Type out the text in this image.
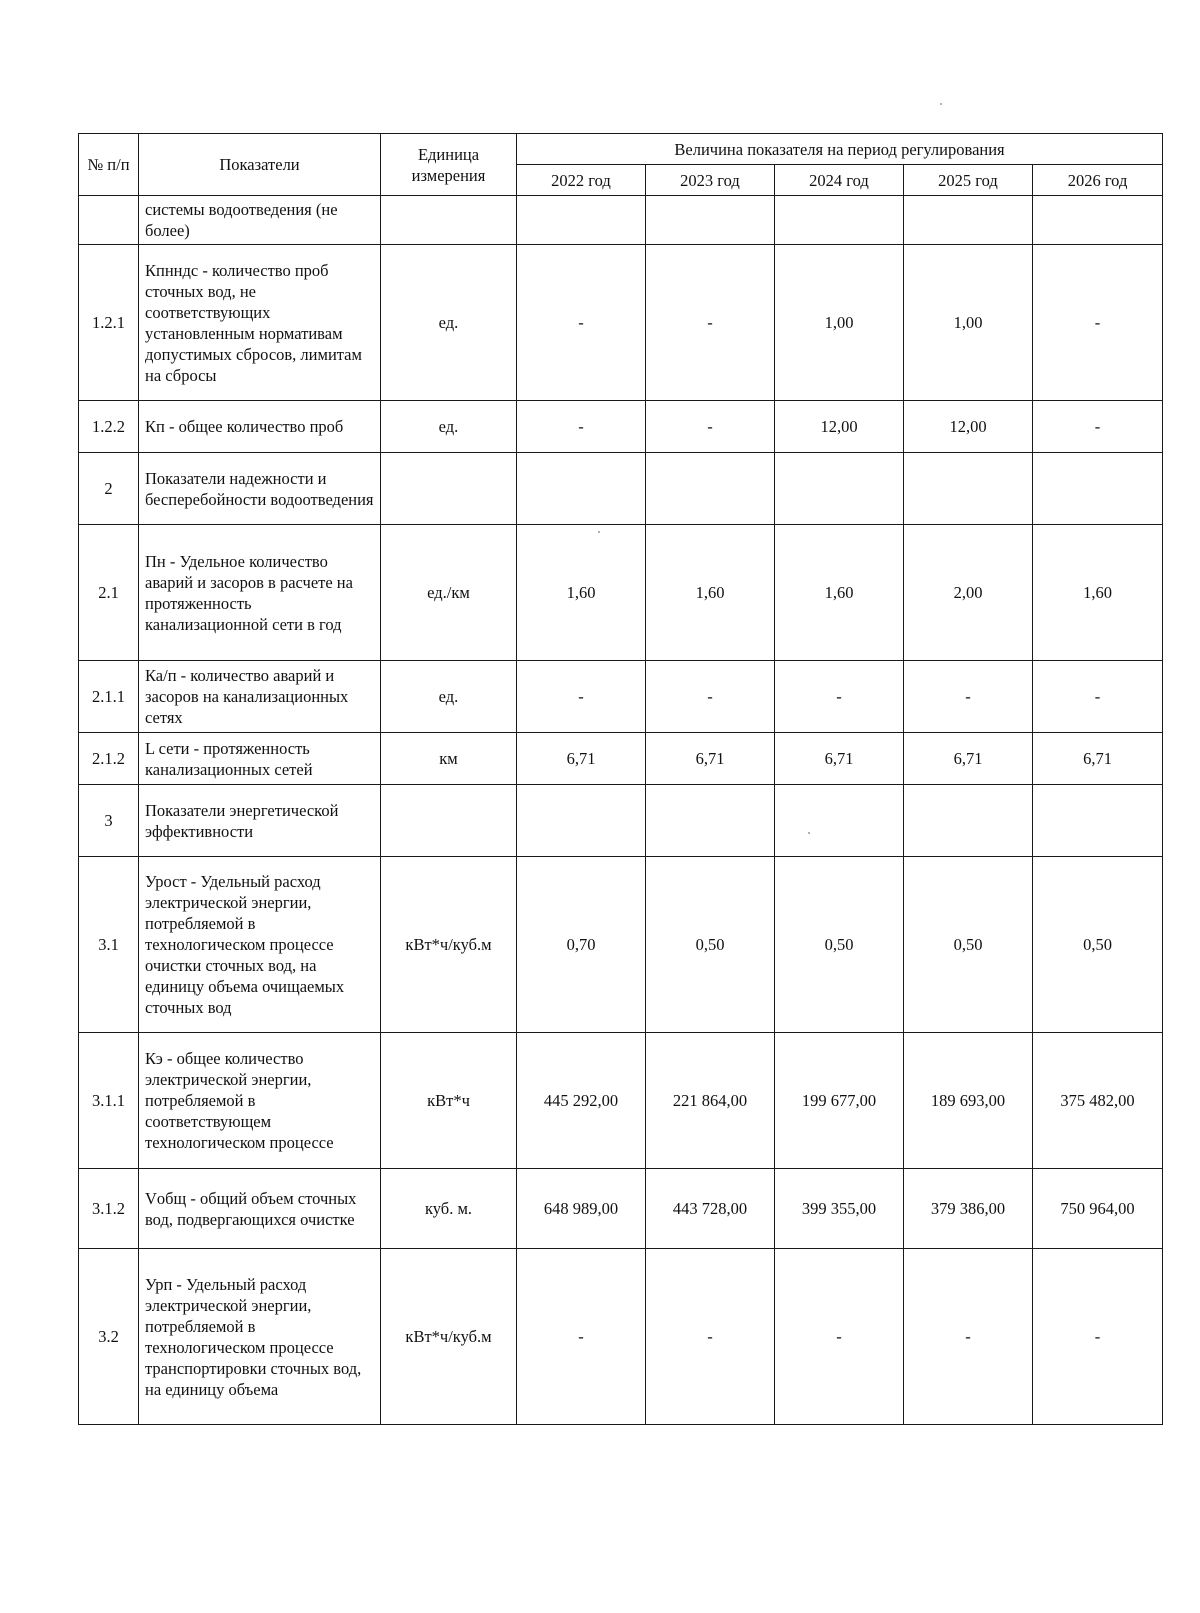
№ п/п	Показатели	Единица измерения	Величина показателя на период регулирования				
			2022 год	2023 год	2024 год	2025 год	2026 год
	системы водоотведения (не более)						
1.2.1	Кпнндс - количество проб сточных вод, не соответствующих установленным нормативам допустимых сбросов, лимитам на сбросы	ед.	-	-	1,00	1,00	-
1.2.2	Кп - общее количество проб	ед.	-	-	12,00	12,00	-
2	Показатели надежности и бесперебойности водоотведения						
2.1	Пн - Удельное количество аварий и засоров в расчете на протяженность канализационной сети в год	ед./км	1,60	1,60	1,60	2,00	1,60
2.1.1	Ка/п - количество аварий и засоров на канализационных сетях	ед.	-	-	-	-	-
2.1.2	L сети - протяженность канализационных сетей	км	6,71	6,71	6,71	6,71	6,71
3	Показатели энергетической эффективности						
3.1	Урост - Удельный расход электрической энергии, потребляемой в технологическом процессе очистки сточных вод, на единицу объема очищаемых сточных вод	кВт*ч/куб.м	0,70	0,50	0,50	0,50	0,50
3.1.1	Кэ - общее количество электрической энергии, потребляемой в соответствующем технологическом процессе	кВт*ч	445 292,00	221 864,00	199 677,00	189 693,00	375 482,00
3.1.2	Vобщ - общий объем сточных вод, подвергающихся очистке	куб. м.	648 989,00	443 728,00	399 355,00	379 386,00	750 964,00
3.2	Урп - Удельный расход электрической энергии, потребляемой в технологическом процессе транспортировки сточных вод, на единицу объема	кВт*ч/куб.м	-	-	-	-	-
